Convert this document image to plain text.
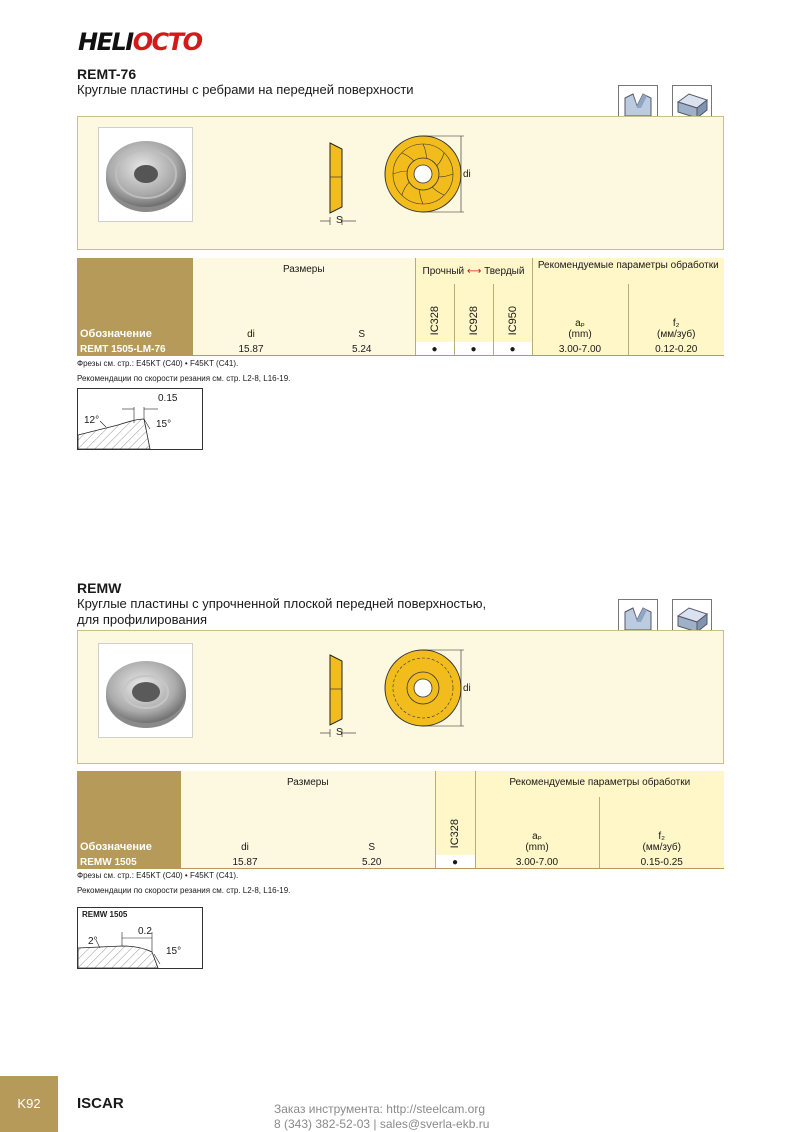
HELIOCTO
REMT-76
Круглые пластины с ребрами на передней поверхности
S
di
Обозначение	Размеры		Прочный ⟷ Твердый			Рекомендуемые параметры обработки	
	di	S	IC328	IC928	IC950	aₚ
(mm)	f₂
(мм/зуб)
REMT 1505-LM-76	15.87	5.24	●	●	●	3.00-7.00	0.12-0.20
Фрезы см. стр.: E45KT (C40) • F45KT (C41).
Рекомендации по скорости резания см. стр. L2-8, L16-19.
0.15
12°	15°
REMW
Круглые пластины с упрочненной плоской передней поверхностью,
для профилирования
S
di
Обозначение	Размеры		IC328	Рекомендуемые параметры обработки	
	di	S		aₚ
(mm)	f₂
(мм/зуб)
REMW 1505	15.87	5.20	●	3.00-7.00	0.15-0.25
Фрезы см. стр.: E45KT (C40) • F45KT (C41).
Рекомендации по скорости резания см. стр. L2-8, L16-19.
REMW 1505
0.2
2°
15°
K92	ISCAR	Заказ инструмента: http://steelcam.org
8 (343) 382-52-03 | sales@sverla-ekb.ru
